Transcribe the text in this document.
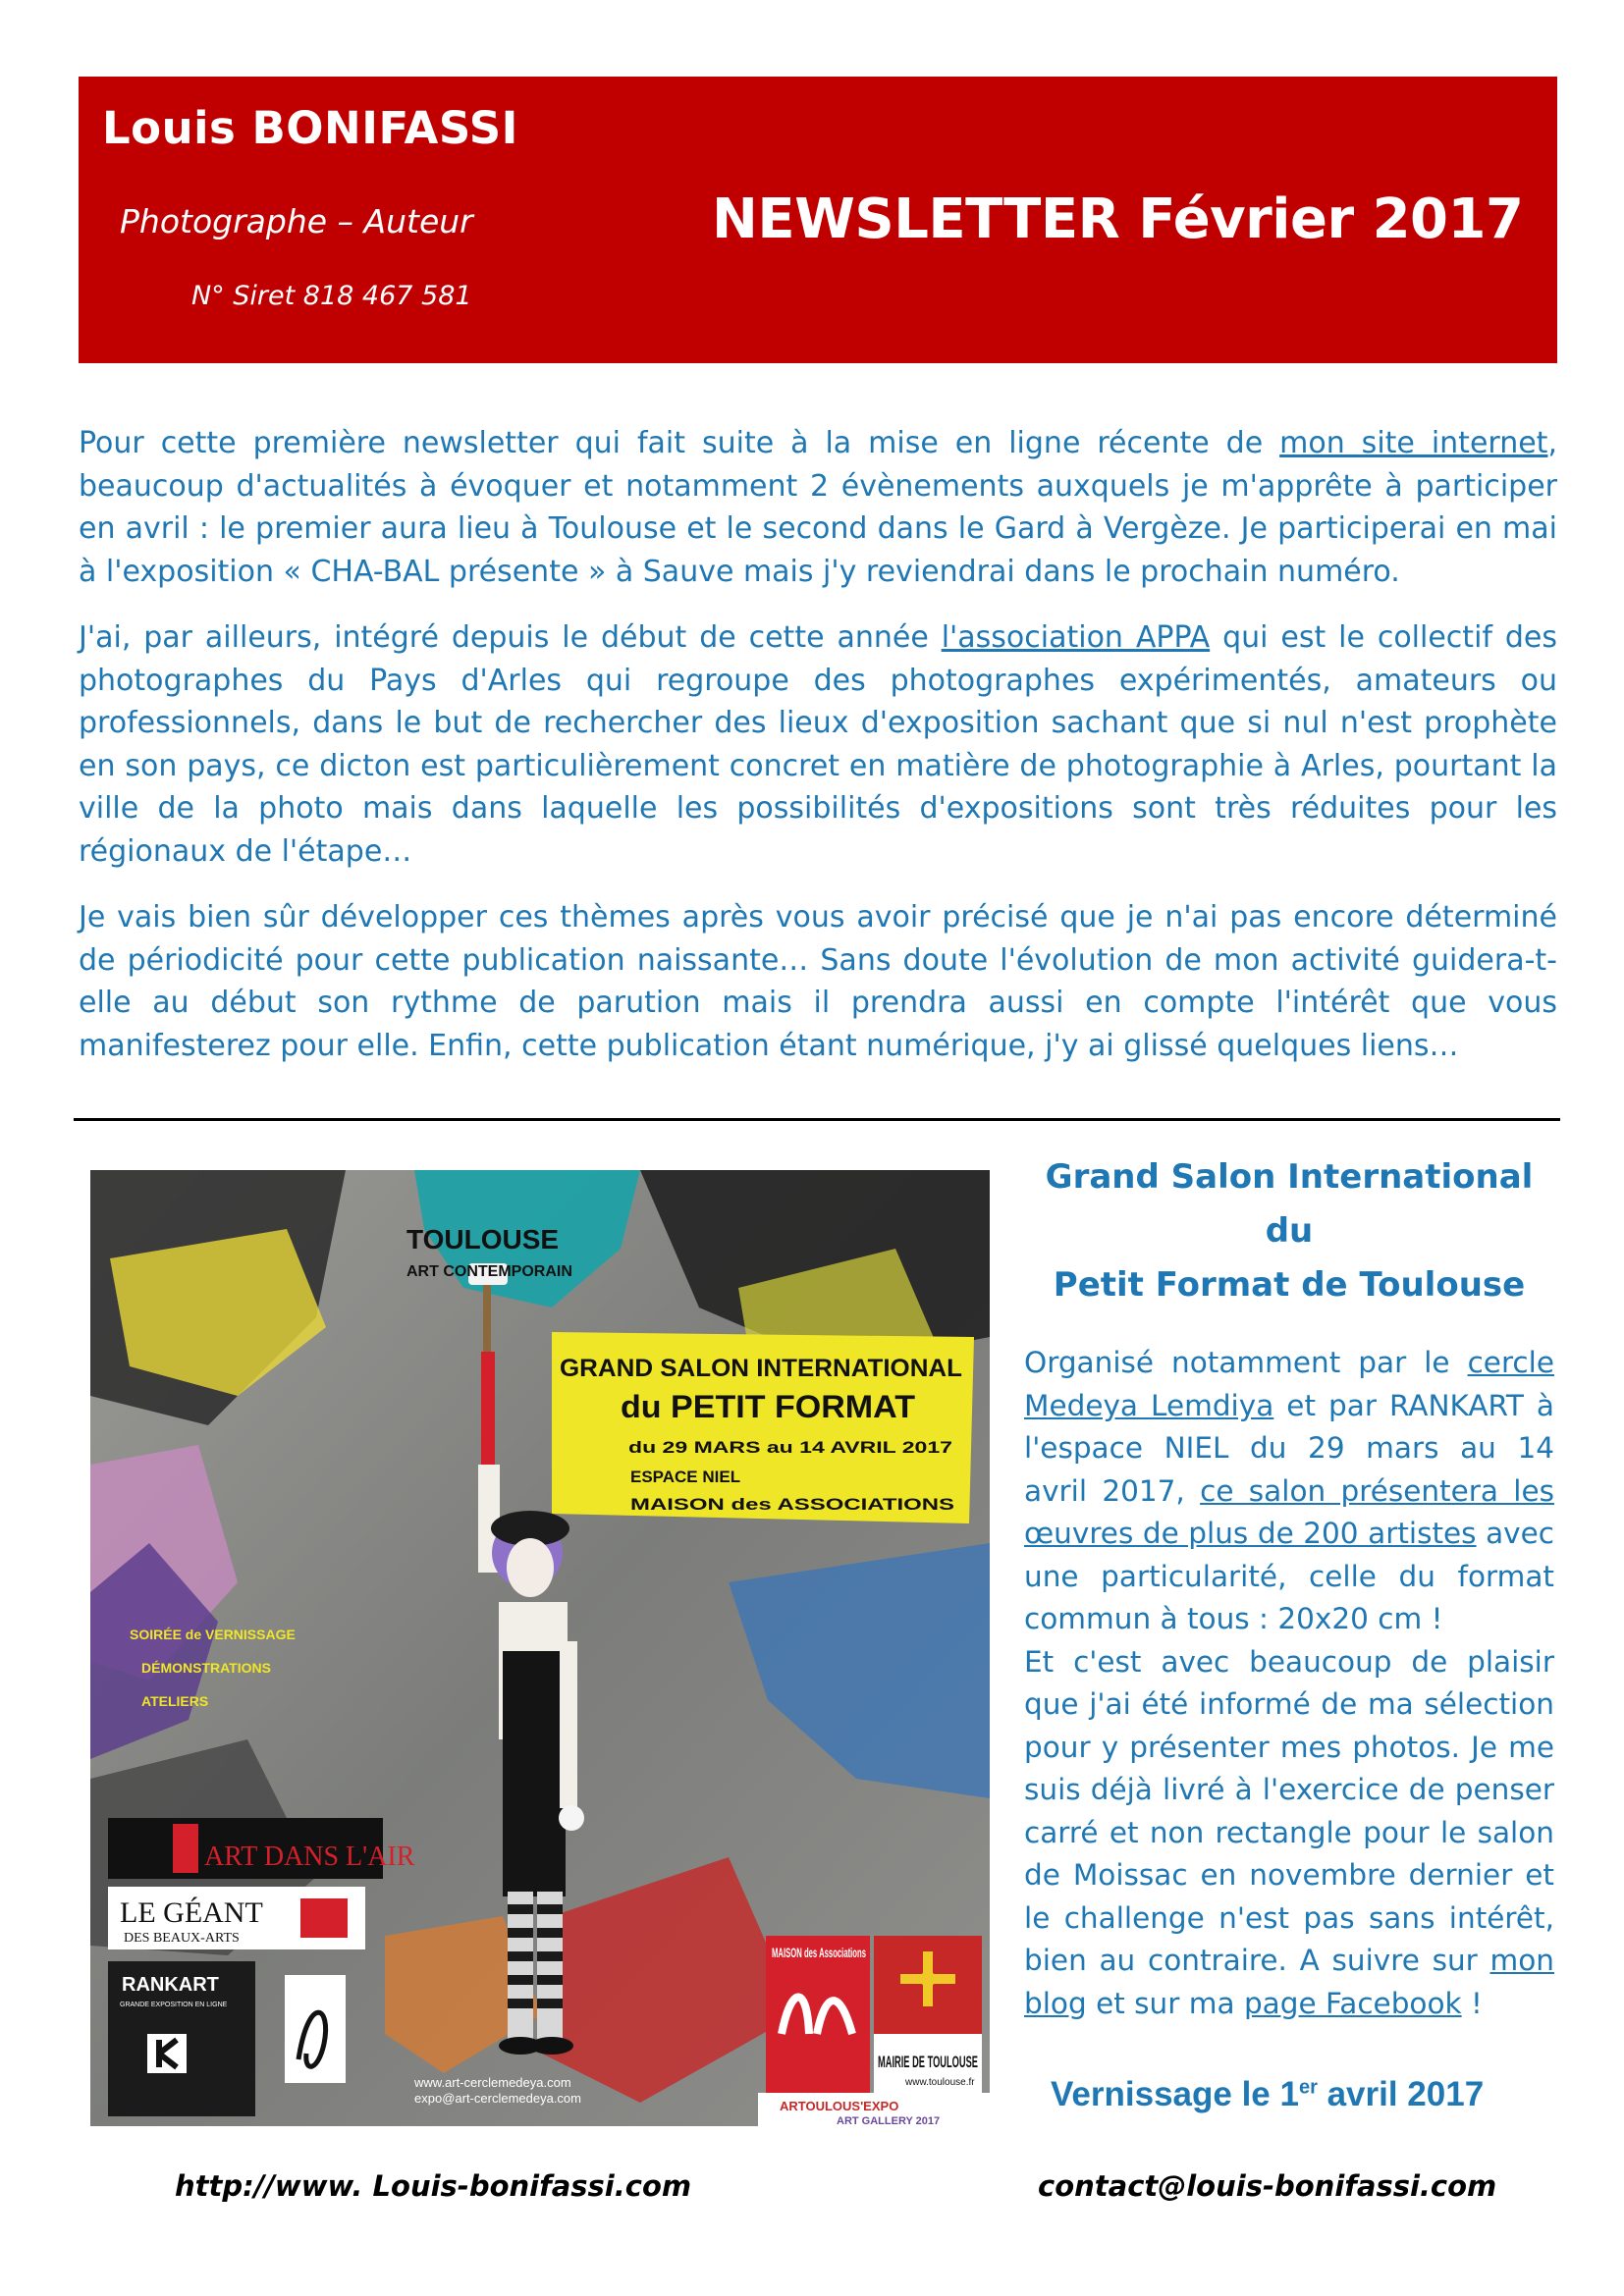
Louis BONIFASSI
Photographe – Auteur
N° Siret 818 467 581
NEWSLETTER Février 2017

Pour cette première newsletter qui fait suite à la mise en ligne récente de mon site internet, beaucoup d'actualités à évoquer et notamment 2 évènements auxquels je m'apprête à participer en avril : le premier aura lieu à Toulouse et le second dans le Gard à Vergèze. Je participerai en mai à l'exposition « CHA-BAL présente » à Sauve mais j'y reviendrai dans le prochain numéro.

J'ai, par ailleurs, intégré depuis le début de cette année l'association APPA qui est le collectif des photographes du Pays d'Arles qui regroupe des photographes expérimentés, amateurs ou professionnels, dans le but de rechercher des lieux d'exposition sachant que si nul n'est prophète en son pays, ce dicton est particulièrement concret en matière de photographie à Arles, pourtant la ville de la photo mais dans laquelle les possibilités d'expositions sont très réduites pour les régionaux de l'étape…

Je vais bien sûr développer ces thèmes après vous avoir précisé que je n'ai pas encore déterminé de périodicité pour cette publication naissante… Sans doute l'évolution de mon activité guidera-t-elle au début son rythme de parution mais il prendra aussi en compte l'intérêt que vous manifesterez pour elle. Enfin, cette publication étant numérique, j'y ai glissé quelques liens…

TOULOUSE
ART CONTEMPORAIN
GRAND SALON INTERNATIONAL
du PETIT FORMAT
du 29 MARS au 14 AVRIL 2017
ESPACE NIEL
MAISON des ASSOCIATIONS
SOIRÉE de VERNISSAGE
DÉMONSTRATIONS
ATELIERS
ART DANS L'AIR
LE GÉANT
DES BEAUX-ARTS
RANKART
GRANDE EXPOSITION EN LIGNE
MAISON des Associations
MAIRIE DE TOULOUSE
www.toulouse.fr
ARTOULOUS'EXPO
ART GALLERY 2017
www.art-cerclemedeya.com
expo@art-cerclemedeya.com
Grand Salon International
du
Petit Format de Toulouse
Organisé notamment par le cercle Medeya Lemdiya et par RANKART à l'espace NIEL du 29 mars au 14 avril 2017, ce salon présentera les œuvres de plus de 200 artistes avec une particularité, celle du format commun à tous : 20x20 cm !
Et c'est avec beaucoup de plaisir que j'ai été informé de ma sélection pour y présenter mes photos. Je me suis déjà livré à l'exercice de penser carré et non rectangle pour le salon de Moissac en novembre dernier et le challenge n'est pas sans intérêt, bien au contraire. A suivre sur mon blog et sur ma page Facebook !
Vernissage le 1er avril 2017
http://www. Louis-bonifassi.com	contact@louis-bonifassi.com
